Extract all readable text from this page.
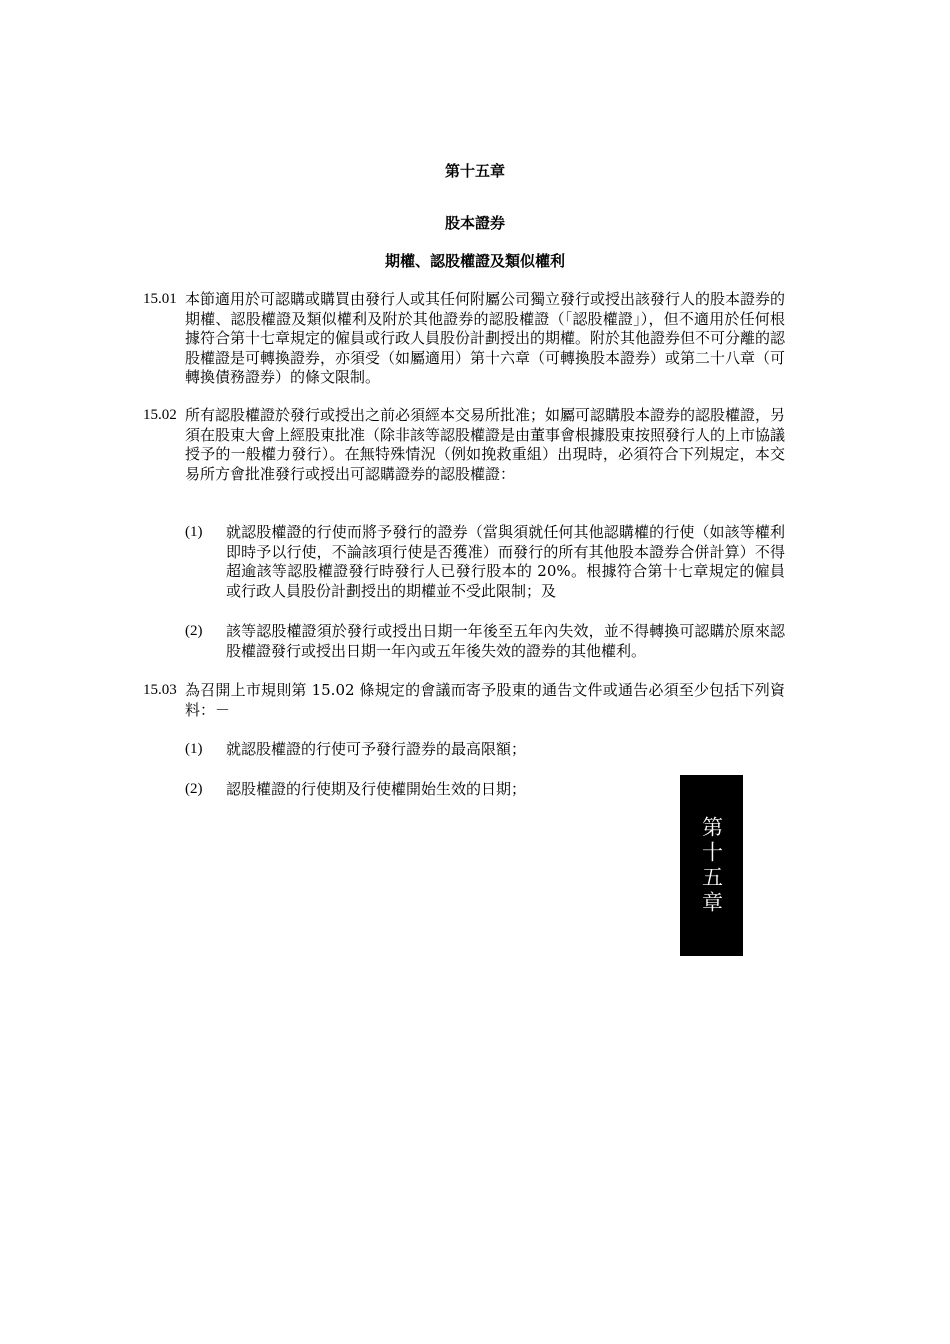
第十五章
股本證券
期權、認股權證及類似權利
15.01 本節適用於可認購或購買由發行人或其任何附屬公司獨立發行或授出該發行人的股本證券的期權、認股權證及類似權利及附於其他證券的認股權證（「認股權證」），但不適用於任何根據符合第十七章規定的僱員或行政人員股份計劃授出的期權。附於其他證券但不可分離的認股權證是可轉換證券，亦須受（如屬適用）第十六章（可轉換股本證券）或第二十八章（可轉換債務證券）的條文限制。
15.02 所有認股權證於發行或授出之前必須經本交易所批准；如屬可認購股本證券的認股權證，另須在股東大會上經股東批准（除非該等認股權證是由董事會根據股東按照發行人的上市協議授予的一般權力發行）。在無特殊情況（例如挽救重組）出現時，必須符合下列規定，本交易所方會批准發行或授出可認購證券的認股權證：
(1)	就認股權證的行使而將予發行的證券（當與須就任何其他認購權的行使（如該等權利即時予以行使，不論該項行使是否獲准）而發行的所有其他股本證券合併計算）不得超逾該等認股權證發行時發行人已發行股本的 20%。根據符合第十七章規定的僱員或行政人員股份計劃授出的期權並不受此限制；及
(2)	該等認股權證須於發行或授出日期一年後至五年內失效，並不得轉換可認購於原來認股權證發行或授出日期一年內或五年後失效的證券的其他權利。
15.03 為召開上市規則第 15.02 條規定的會議而寄予股東的通告文件或通告必須至少包括下列資料：－
(1)	就認股權證的行使可予發行證券的最高限額；
(2)	認股權證的行使期及行使權開始生效的日期；
第十五章
